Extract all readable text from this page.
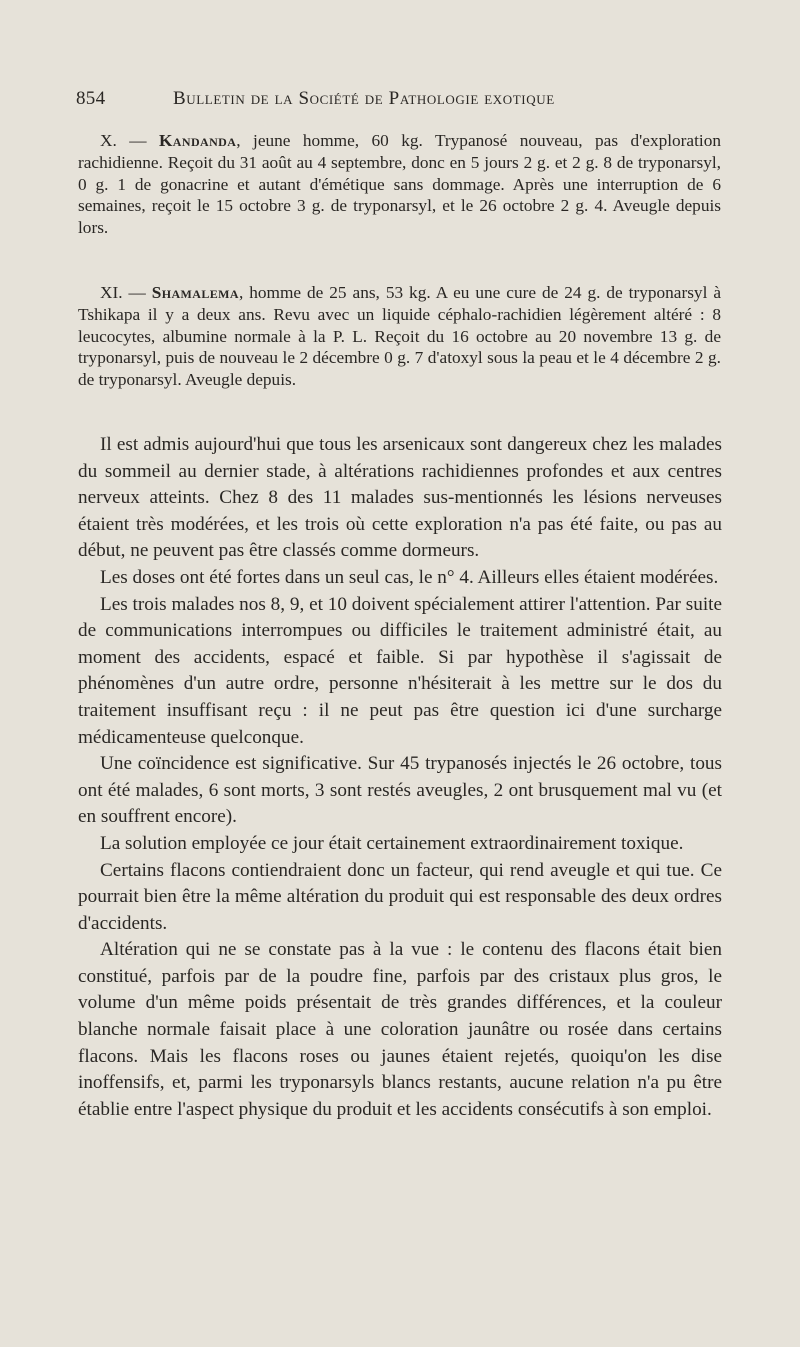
854	Bulletin de la Société de Pathologie exotique

X. — Kandanda, jeune homme, 60 kg. Trypanosé nouveau, pas d'exploration rachidienne. Reçoit du 31 août au 4 septembre, donc en 5 jours 2 g. et 2 g. 8 de tryponarsyl, 0 g. 1 de gonacrine et autant d'émétique sans dommage. Après une interruption de 6 semaines, reçoit le 15 octobre 3 g. de tryponarsyl, et le 26 octobre 2 g. 4. Aveugle depuis lors.

XI. — Shamalema, homme de 25 ans, 53 kg. A eu une cure de 24 g. de tryponarsyl à Tshikapa il y a deux ans. Revu avec un liquide céphalo-rachidien légèrement altéré : 8 leucocytes, albumine normale à la P. L. Reçoit du 16 octobre au 20 novembre 13 g. de tryponarsyl, puis de nouveau le 2 décembre 0 g. 7 d'atoxyl sous la peau et le 4 décembre 2 g. de tryponarsyl. Aveugle depuis.

Il est admis aujourd'hui que tous les arsenicaux sont dangereux chez les malades du sommeil au dernier stade, à altérations rachidiennes profondes et aux centres nerveux atteints. Chez 8 des 11 malades sus-mentionnés les lésions nerveuses étaient très modérées, et les trois où cette exploration n'a pas été faite, ou pas au début, ne peuvent pas être classés comme dormeurs.

Les doses ont été fortes dans un seul cas, le n° 4. Ailleurs elles étaient modérées.

Les trois malades nos 8, 9, et 10 doivent spécialement attirer l'attention. Par suite de communications interrompues ou difficiles le traitement administré était, au moment des accidents, espacé et faible. Si par hypothèse il s'agissait de phénomènes d'un autre ordre, personne n'hésiterait à les mettre sur le dos du traitement insuffisant reçu : il ne peut pas être question ici d'une surcharge médicamenteuse quelconque.

Une coïncidence est significative. Sur 45 trypanosés injectés le 26 octobre, tous ont été malades, 6 sont morts, 3 sont restés aveugles, 2 ont brusquement mal vu (et en souffrent encore).

La solution employée ce jour était certainement extraordinairement toxique.

Certains flacons contiendraient donc un facteur, qui rend aveugle et qui tue. Ce pourrait bien être la même altération du produit qui est responsable des deux ordres d'accidents.

Altération qui ne se constate pas à la vue : le contenu des flacons était bien constitué, parfois par de la poudre fine, parfois par des cristaux plus gros, le volume d'un même poids présentait de très grandes différences, et la couleur blanche normale faisait place à une coloration jaunâtre ou rosée dans certains flacons. Mais les flacons roses ou jaunes étaient rejetés, quoiqu'on les dise inoffensifs, et, parmi les tryponarsyls blancs restants, aucune relation n'a pu être établie entre l'aspect physique du produit et les accidents consécutifs à son emploi.
